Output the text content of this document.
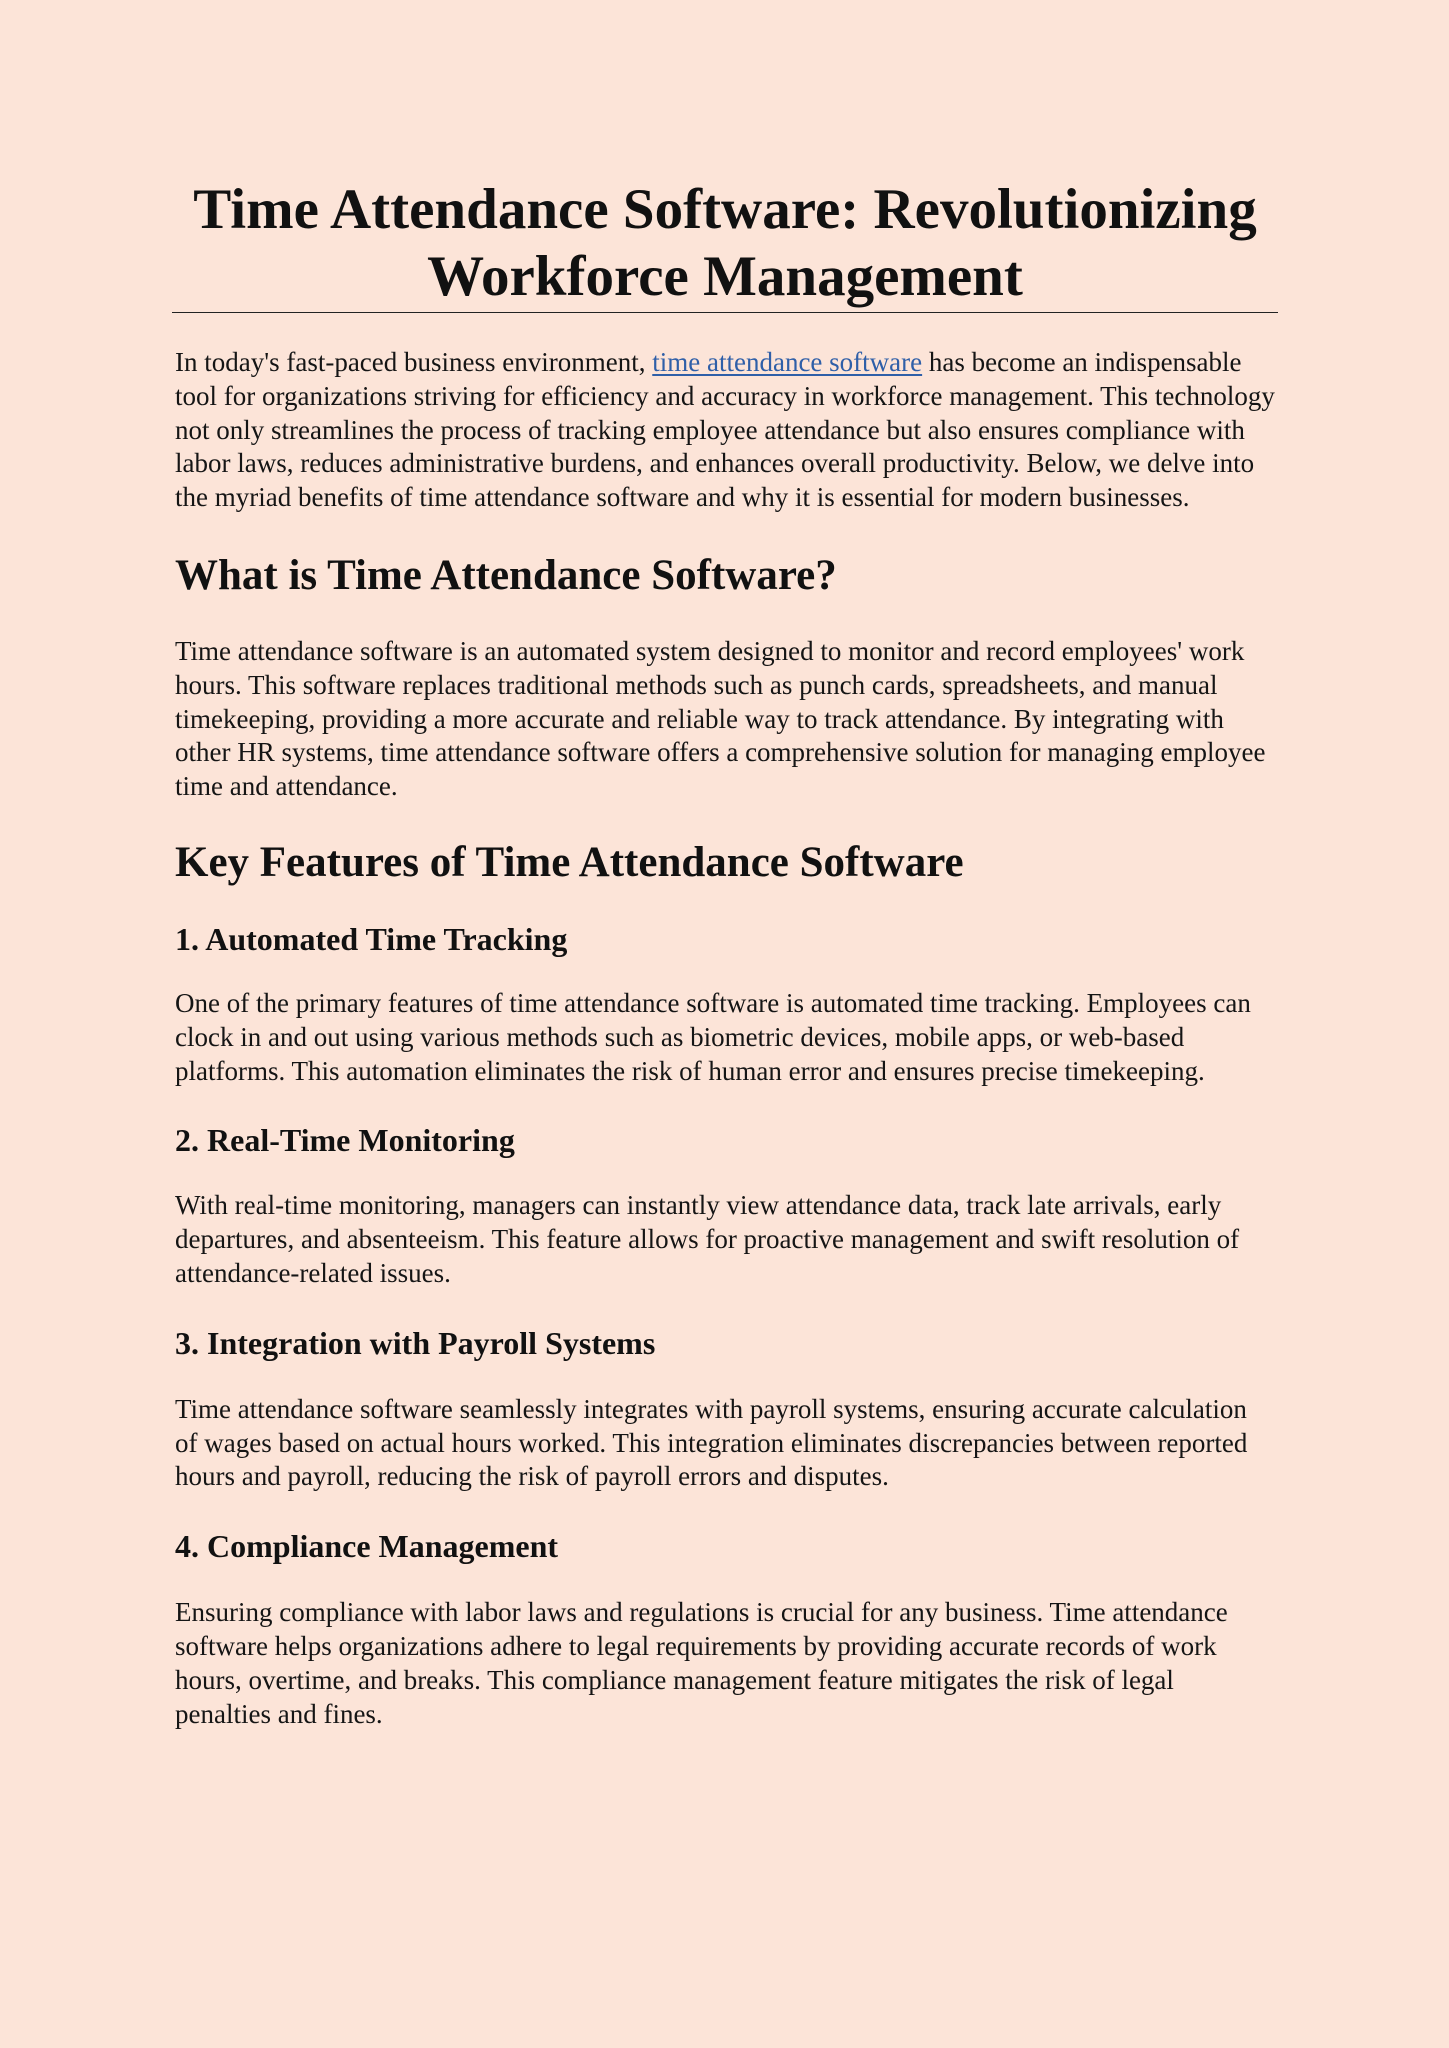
Time Attendance Software: Revolutionizing Workforce Management

In today's fast-paced business environment, time attendance software has become an indispensable tool for organizations striving for efficiency and accuracy in workforce management. This technology not only streamlines the process of tracking employee attendance but also ensures compliance with labor laws, reduces administrative burdens, and enhances overall productivity. Below, we delve into the myriad benefits of time attendance software and why it is essential for modern businesses.

What is Time Attendance Software?

Time attendance software is an automated system designed to monitor and record employees' work hours. This software replaces traditional methods such as punch cards, spreadsheets, and manual timekeeping, providing a more accurate and reliable way to track attendance. By integrating with other HR systems, time attendance software offers a comprehensive solution for managing employee time and attendance.

Key Features of Time Attendance Software
1. Automated Time Tracking

One of the primary features of time attendance software is automated time tracking. Employees can clock in and out using various methods such as biometric devices, mobile apps, or web-based platforms. This automation eliminates the risk of human error and ensures precise timekeeping.

2. Real-Time Monitoring

With real-time monitoring, managers can instantly view attendance data, track late arrivals, early departures, and absenteeism. This feature allows for proactive management and swift resolution of attendance-related issues.

3. Integration with Payroll Systems

Time attendance software seamlessly integrates with payroll systems, ensuring accurate calculation of wages based on actual hours worked. This integration eliminates discrepancies between reported hours and payroll, reducing the risk of payroll errors and disputes.

4. Compliance Management

Ensuring compliance with labor laws and regulations is crucial for any business. Time attendance software helps organizations adhere to legal requirements by providing accurate records of work hours, overtime, and breaks. This compliance management feature mitigates the risk of legal penalties and fines.
